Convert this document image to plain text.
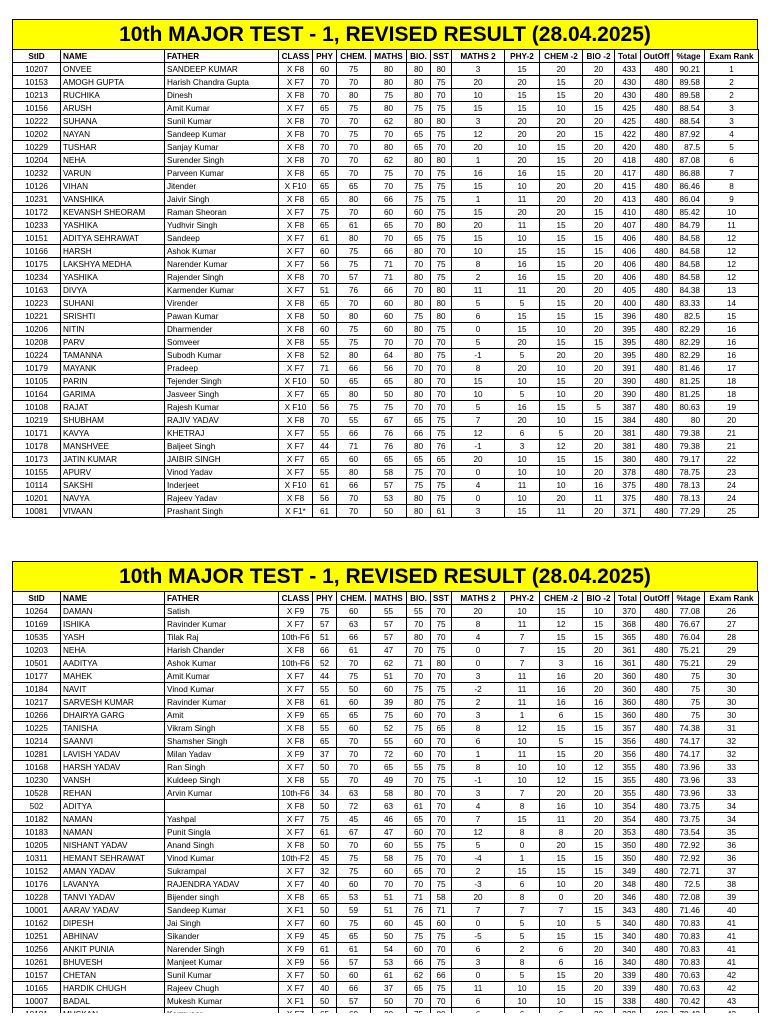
10th MAJOR TEST - 1, REVISED RESULT (28.04.2025)
StID	NAME	FATHER	CLASS	PHY	CHEM.	MATHS	BIO.	SST	MATHS 2	PHY-2	CHEM -2	BIO -2	Total	OutOff	%tage	Exam Rank
10207	ONVEE	SANDEEP KUMAR	X F8	60	75	80	80	80	3	15	20	20	433	480	90.21	1
10153	AMOGH GUPTA	Harish Chandra Gupta	X F7	70	70	80	80	75	20	20	15	20	430	480	89.58	2
10213	RUCHIKA	Dinesh	X F8	70	80	75	80	70	10	15	15	20	430	480	89.58	2
10156	ARUSH	Amit Kumar	X F7	65	75	80	75	75	15	15	10	15	425	480	88.54	3
10222	SUHANA	Sunil Kumar	X F8	70	70	62	80	80	3	20	20	20	425	480	88.54	3
10202	NAYAN	Sandeep Kumar	X F8	70	75	70	65	75	12	20	20	15	422	480	87.92	4
10229	TUSHAR	Sanjay Kumar	X F8	70	70	80	65	70	20	10	15	20	420	480	87.5	5
10204	NEHA	Surender Singh	X F8	70	70	62	80	80	1	20	15	20	418	480	87.08	6
10232	VARUN	Parveen Kumar	X F8	65	70	75	70	75	16	16	15	20	417	480	86.88	7
10126	VIHAN	Jitender	X F10	65	65	70	75	75	15	10	20	20	415	480	86.46	8
10231	VANSHIKA	Jaivir Singh	X F8	65	80	66	75	75	1	11	20	20	413	480	86.04	9
10172	KEVANSH SHEORAM	Raman Sheoran	X F7	75	70	60	60	75	15	20	20	15	410	480	85.42	10
10233	YASHIKA	Yudhvir Singh	X F8	65	61	65	70	80	20	11	15	20	407	480	84.79	11
10151	ADITYA SEHRAWAT	Sandeep	X F7	61	80	70	65	75	15	10	15	15	406	480	84.58	12
10166	HARSH	Ashok Kumar	X F7	60	75	66	80	70	10	15	15	15	406	480	84.58	12
10175	LAKSHYA MEDHA	Narender Kumar	X F7	56	75	71	70	75	8	16	15	20	406	480	84.58	12
10234	YASHIKA	Rajender Singh	X F8	70	57	71	80	75	2	16	15	20	406	480	84.58	12
10163	DIVYA	Karmender Kumar	X F7	51	76	66	70	80	11	11	20	20	405	480	84.38	13
10223	SUHANI	Virender	X F8	65	70	60	80	80	5	5	15	20	400	480	83.33	14
10221	SRISHTI	Pawan Kumar	X F8	50	80	60	75	80	6	15	15	15	396	480	82.5	15
10206	NITIN	Dharmender	X F8	60	75	60	80	75	0	15	10	20	395	480	82.29	16
10208	PARV	Somveer	X F8	55	75	70	70	70	5	20	15	15	395	480	82.29	16
10224	TAMANNA	Subodh Kumar	X F8	52	80	64	80	75	-1	5	20	20	395	480	82.29	16
10179	MAYANK	Pradeep	X F7	71	66	56	70	70	8	20	10	20	391	480	81.46	17
10105	PARIN	Tejender Singh	X F10	50	65	65	80	70	15	10	15	20	390	480	81.25	18
10164	GARIMA	Jasveer Singh	X F7	65	80	50	80	70	10	5	10	20	390	480	81.25	18
10108	RAJAT	Rajesh Kumar	X F10	56	75	75	70	70	5	16	15	5	387	480	80.63	19
10219	SHUBHAM	RAJIV YADAV	X F8	70	55	67	65	75	7	20	10	15	384	480	80	20
10171	KAVYA	KHETRAJ	X F7	55	66	76	66	75	12	6	5	20	381	480	79.38	21
10178	MANSHVEE	Baljeet Singh	X F7	44	71	76	80	76	-1	3	12	20	381	480	79.38	21
10173	JATIN KUMAR	JAIBIR SINGH	X F7	65	60	65	65	65	20	10	15	15	380	480	79.17	22
10155	APURV	Vinod Yadav	X F7	55	80	58	75	70	0	10	10	20	378	480	78.75	23
10114	SAKSHI	Inderjeet	X F10	61	66	57	75	75	4	11	10	16	375	480	78.13	24
10201	NAVYA	Rajeev Yadav	X F8	56	70	53	80	75	0	10	20	11	375	480	78.13	24
10081	VIVAAN	Prashant Singh	X F1*	61	70	50	80	61	3	15	11	20	371	480	77.29	25
10th MAJOR TEST - 1, REVISED RESULT (28.04.2025)
StID	NAME	FATHER	CLASS	PHY	CHEM.	MATHS	BIO.	SST	MATHS 2	PHY-2	CHEM -2	BIO -2	Total	OutOff	%tage	Exam Rank
10264	DAMAN	Satish	X F9	75	60	55	55	70	20	10	15	10	370	480	77.08	26
10169	ISHIKA	Ravinder Kumar	X F7	57	63	57	70	75	8	11	12	15	368	480	76.67	27
10535	YASH	Tilak Raj	10th-F6	51	66	57	80	70	4	7	15	15	365	480	76.04	28
10203	NEHA	Harish Chander	X F8	66	61	47	70	75	0	7	15	20	361	480	75.21	29
10501	AADITYA	Ashok Kumar	10th-F6	52	70	62	71	80	0	7	3	16	361	480	75.21	29
10177	MAHEK	Amit Kumar	X F7	44	75	51	70	70	3	11	16	20	360	480	75	30
10184	NAVIT	Vinod Kumar	X F7	55	50	60	75	75	-2	11	16	20	360	480	75	30
10217	SARVESH KUMAR	Ravinder Kumar	X F8	61	60	39	80	75	2	11	16	16	360	480	75	30
10266	DHAIRYA GARG	Amit	X F9	65	65	75	60	70	3	1	6	15	360	480	75	30
10225	TANISHA	Vikram Singh	X F8	55	60	52	75	65	8	12	15	15	357	480	74.38	31
10214	SAANVI	Shamsher Singh	X F8	65	70	55	60	70	6	10	5	15	356	480	74.17	32
10281	LAVISH YADAV	Milan Yadav	X F9	37	70	72	60	70	1	11	15	20	356	480	74.17	32
10168	HARSH YADAV	Ran Singh	X F7	50	70	65	55	75	8	10	10	12	355	480	73.96	33
10230	VANSH	Kuldeep Singh	X F8	55	70	49	70	75	-1	10	12	15	355	480	73.96	33
10528	REHAN	Arvin Kumar	10th-F6	34	63	58	80	70	3	7	20	20	355	480	73.96	33
502	ADITYA		X F8	50	72	63	61	70	4	8	16	10	354	480	73.75	34
10182	NAMAN	Yashpal	X F7	75	45	46	65	70	7	15	11	20	354	480	73.75	34
10183	NAMAN	Punit Singla	X F7	61	67	47	60	70	12	8	8	20	353	480	73.54	35
10205	NISHANT YADAV	Anand Singh	X F8	50	70	60	55	75	5	0	20	15	350	480	72.92	36
10311	HEMANT SEHRAWAT	Vinod Kumar	10th-F2	45	75	58	75	70	-4	1	15	15	350	480	72.92	36
10152	AMAN YADAV	Sukrampal	X F7	32	75	60	65	70	2	15	15	15	349	480	72.71	37
10176	LAVANYA	RAJENDRA YADAV	X F7	40	60	70	70	75	-3	6	10	20	348	480	72.5	38
10228	TANVI YADAV	Bijender singh	X F8	65	53	51	71	58	20	8	0	20	346	480	72.08	39
10001	AARAV YADAV	Sandeep Kumar	X F1	50	59	51	76	71	7	7	7	15	343	480	71.46	40
10162	DIPESH	Jai Singh	X F7	60	75	60	45	60	0	5	10	5	340	480	70.83	41
10251	ABHINAV	Sikander	X F9	45	65	50	75	75	-5	5	15	15	340	480	70.83	41
10256	ANKIT PUNIA	Narender Singh	X F9	61	61	54	60	70	6	2	6	20	340	480	70.83	41
10261	BHUVESH	Manjeet Kumar	X F9	56	57	53	66	75	3	8	6	16	340	480	70.83	41
10157	CHETAN	Sunil Kumar	X F7	50	60	61	62	66	0	5	15	20	339	480	70.63	42
10165	HARDIK CHUGH	Rajeev Chugh	X F7	40	66	37	65	75	11	10	15	20	339	480	70.63	42
10007	BADAL	Mukesh Kumar	X F1	50	57	50	70	70	6	10	10	15	338	480	70.42	43
